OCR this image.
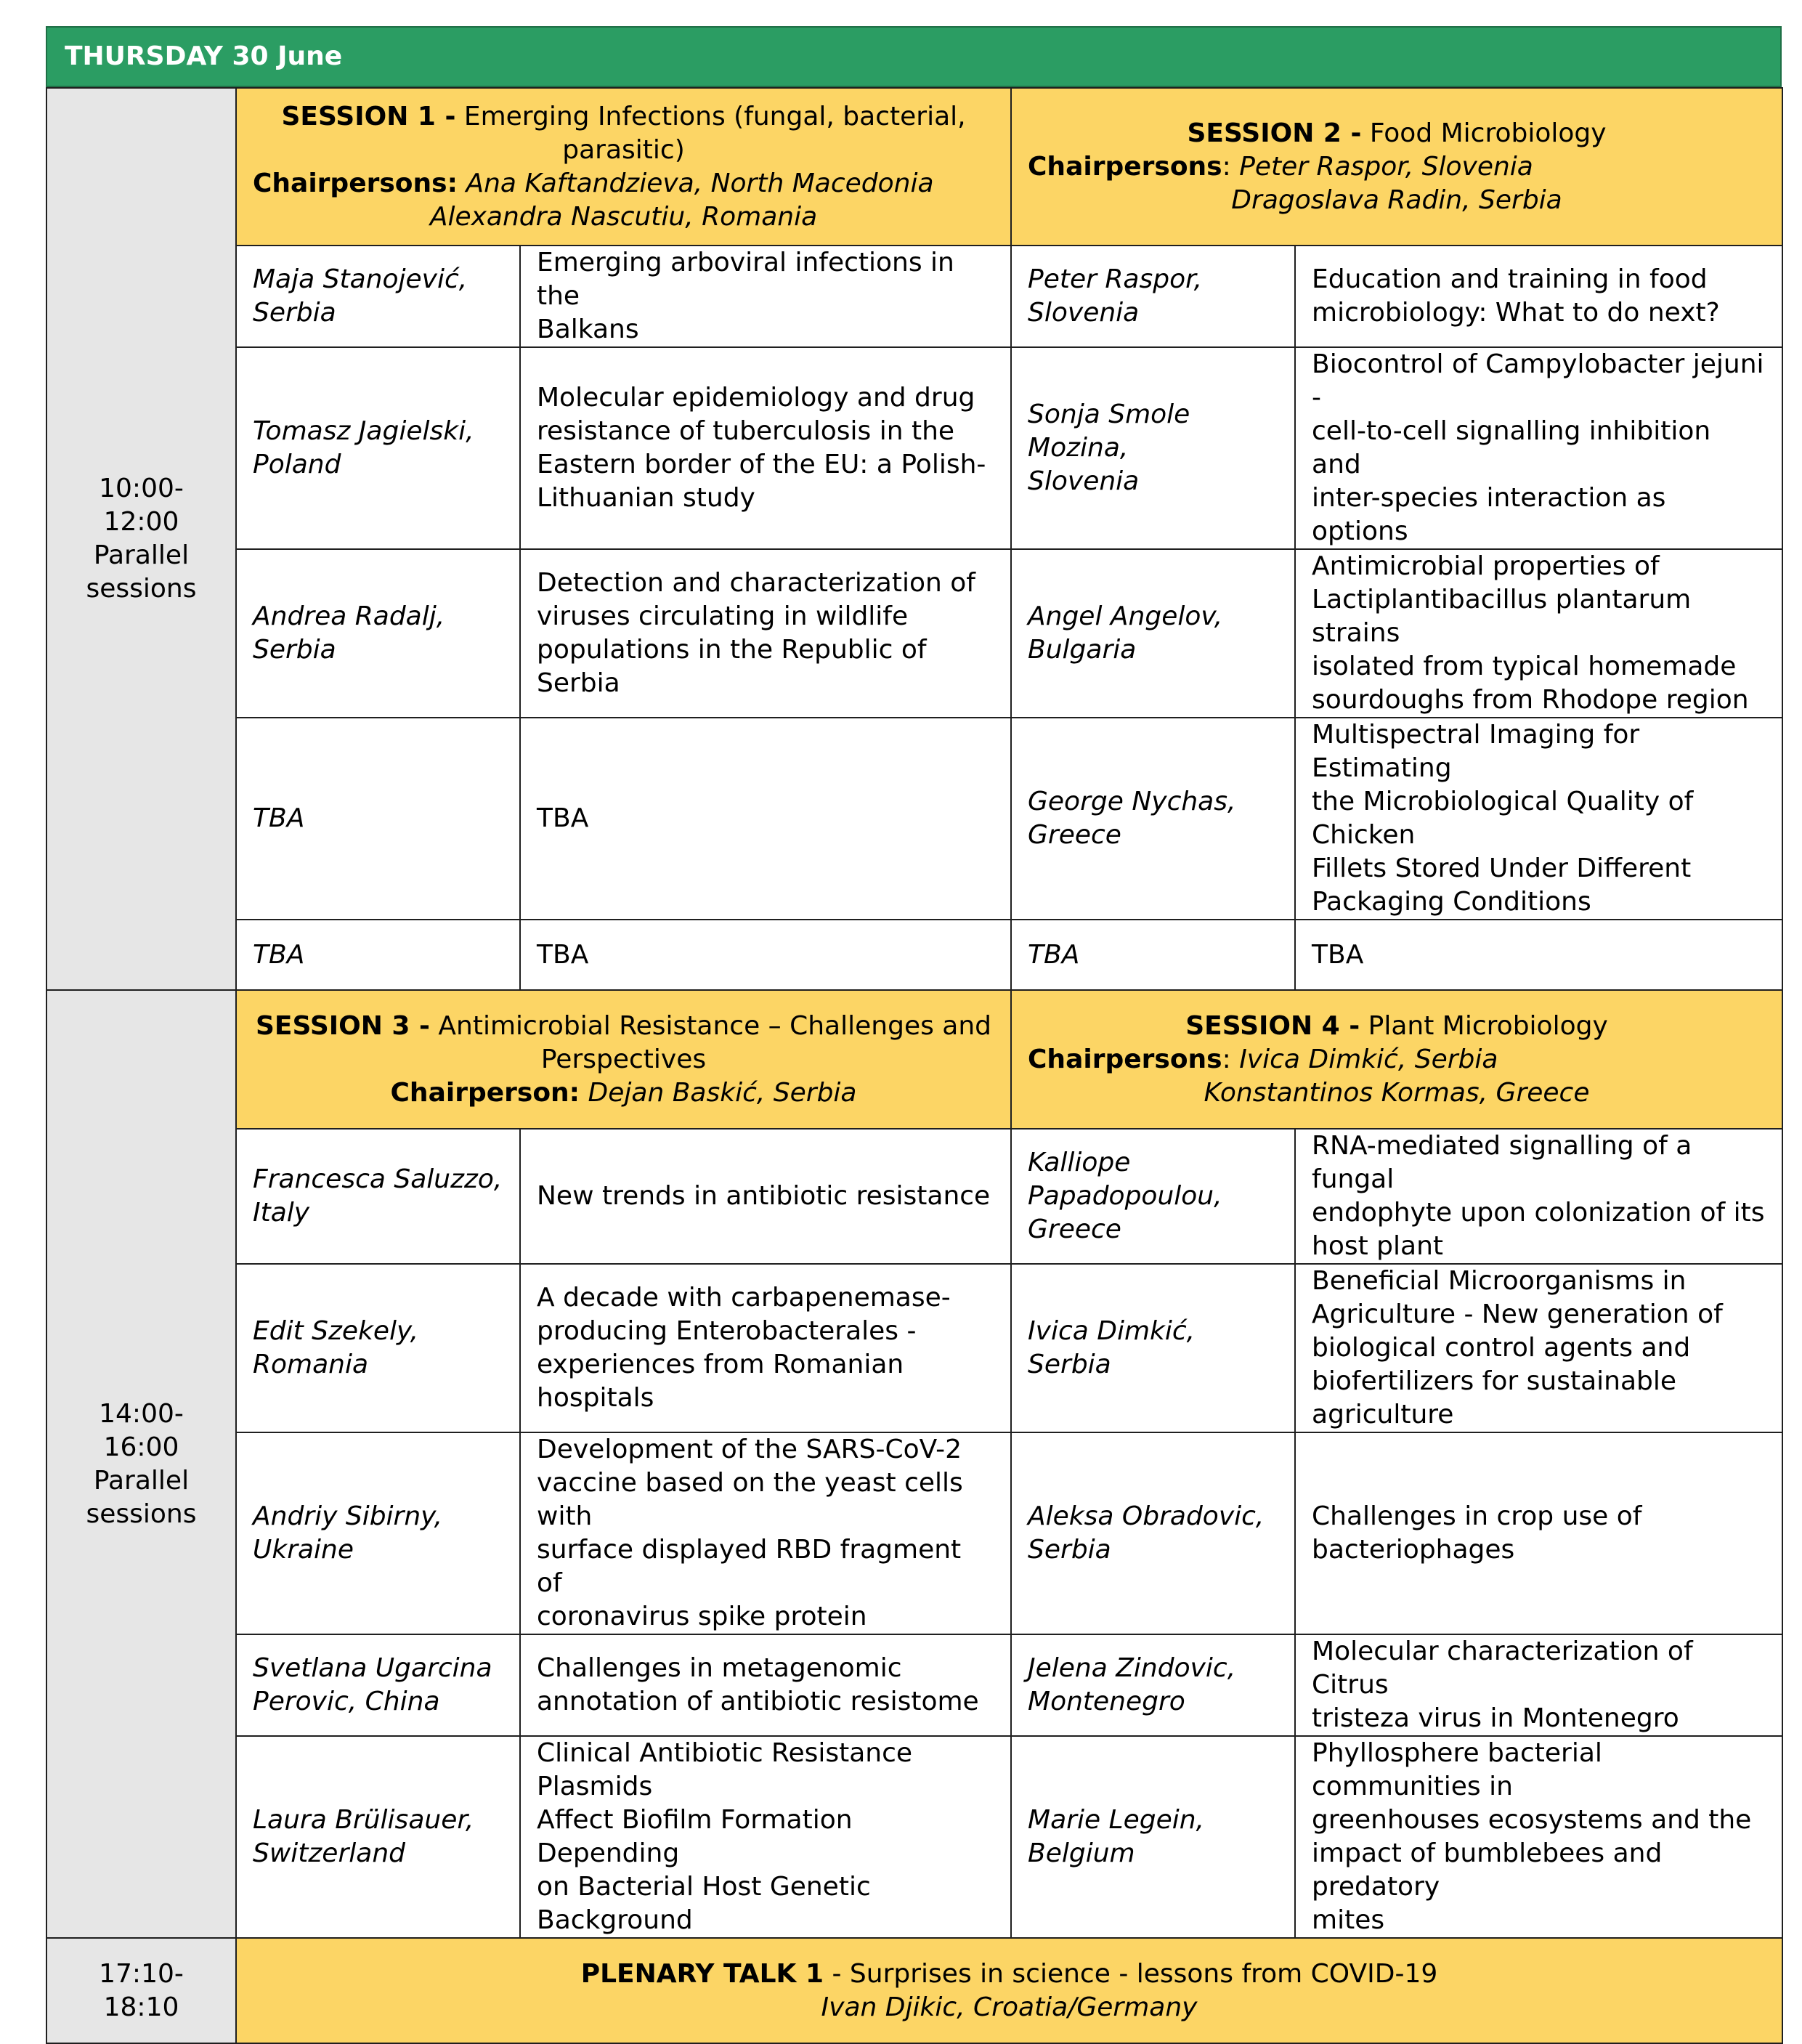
THURSDAY 30 June
10:00-12:00
Parallel
sessions	SESSION 1 - Emerging Infections (fungal, bacterial,
parasitic)
Chairpersons: Ana Kaftandzieva, North Macedonia
Alexandra Nascutiu, Romania		SESSION 2 - Food Microbiology
Chairpersons: Peter Raspor, Slovenia
Dragoslava Radin, Serbia	

	Maja Stanojević,
Serbia	Emerging arboviral infections in the
Balkans	Peter Raspor,
Slovenia	Education and training in food
microbiology: What to do next?

	Tomasz Jagielski,
Poland	Molecular epidemiology and drug
resistance of tuberculosis in the
Eastern border of the EU: a Polish-
Lithuanian study	Sonja Smole Mozina,
Slovenia	Biocontrol of Campylobacter jejuni -
cell-to-cell signalling inhibition and
inter-species interaction as options

	Andrea Radalj,
Serbia	Detection and characterization of
viruses circulating in wildlife
populations in the Republic of Serbia	Angel Angelov,
Bulgaria	Antimicrobial properties of
Lactiplantibacillus plantarum strains
isolated from typical homemade
sourdoughs from Rhodope region

	TBA	TBA	George Nychas,
Greece	Multispectral Imaging for Estimating
the Microbiological Quality of Chicken
Fillets Stored Under Different
Packaging Conditions

	TBA	TBA	TBA	TBA

14:00-16:00
Parallel
sessions	SESSION 3 - Antimicrobial Resistance – Challenges and
Perspectives
Chairperson: Dejan Baskić, Serbia		SESSION 4 - Plant Microbiology
Chairpersons: Ivica Dimkić, Serbia
Konstantinos Kormas, Greece	

	Francesca Saluzzo,
Italy	New trends in antibiotic resistance	Kalliope
Papadopoulou,
Greece	RNA-mediated signalling of a fungal
endophyte upon colonization of its
host plant

	Edit Szekely,
Romania	A decade with carbapenemase-
producing Enterobacterales -
experiences from Romanian hospitals	Ivica Dimkić, Serbia	Beneficial Microorganisms in
Agriculture - New generation of
biological control agents and
biofertilizers for sustainable
agriculture

	Andriy Sibirny,
Ukraine	Development of the SARS-CoV-2
vaccine based on the yeast cells with
surface displayed RBD fragment of
coronavirus spike protein	Aleksa Obradovic,
Serbia	Challenges in crop use of
bacteriophages

	Svetlana Ugarcina
Perovic, China	Challenges in metagenomic
annotation of antibiotic resistome	Jelena Zindovic,
Montenegro	Molecular characterization of Citrus
tristeza virus in Montenegro

	Laura Brülisauer,
Switzerland	Clinical Antibiotic Resistance Plasmids
Affect Biofilm Formation Depending
on Bacterial Host Genetic Background	Marie Legein,
Belgium	Phyllosphere bacterial communities in
greenhouses ecosystems and the
impact of bumblebees and predatory
mites

17:10-18:10	PLENARY TALK 1 - Surprises in science - lessons from COVID-19
Ivan Djikic, Croatia/Germany			
